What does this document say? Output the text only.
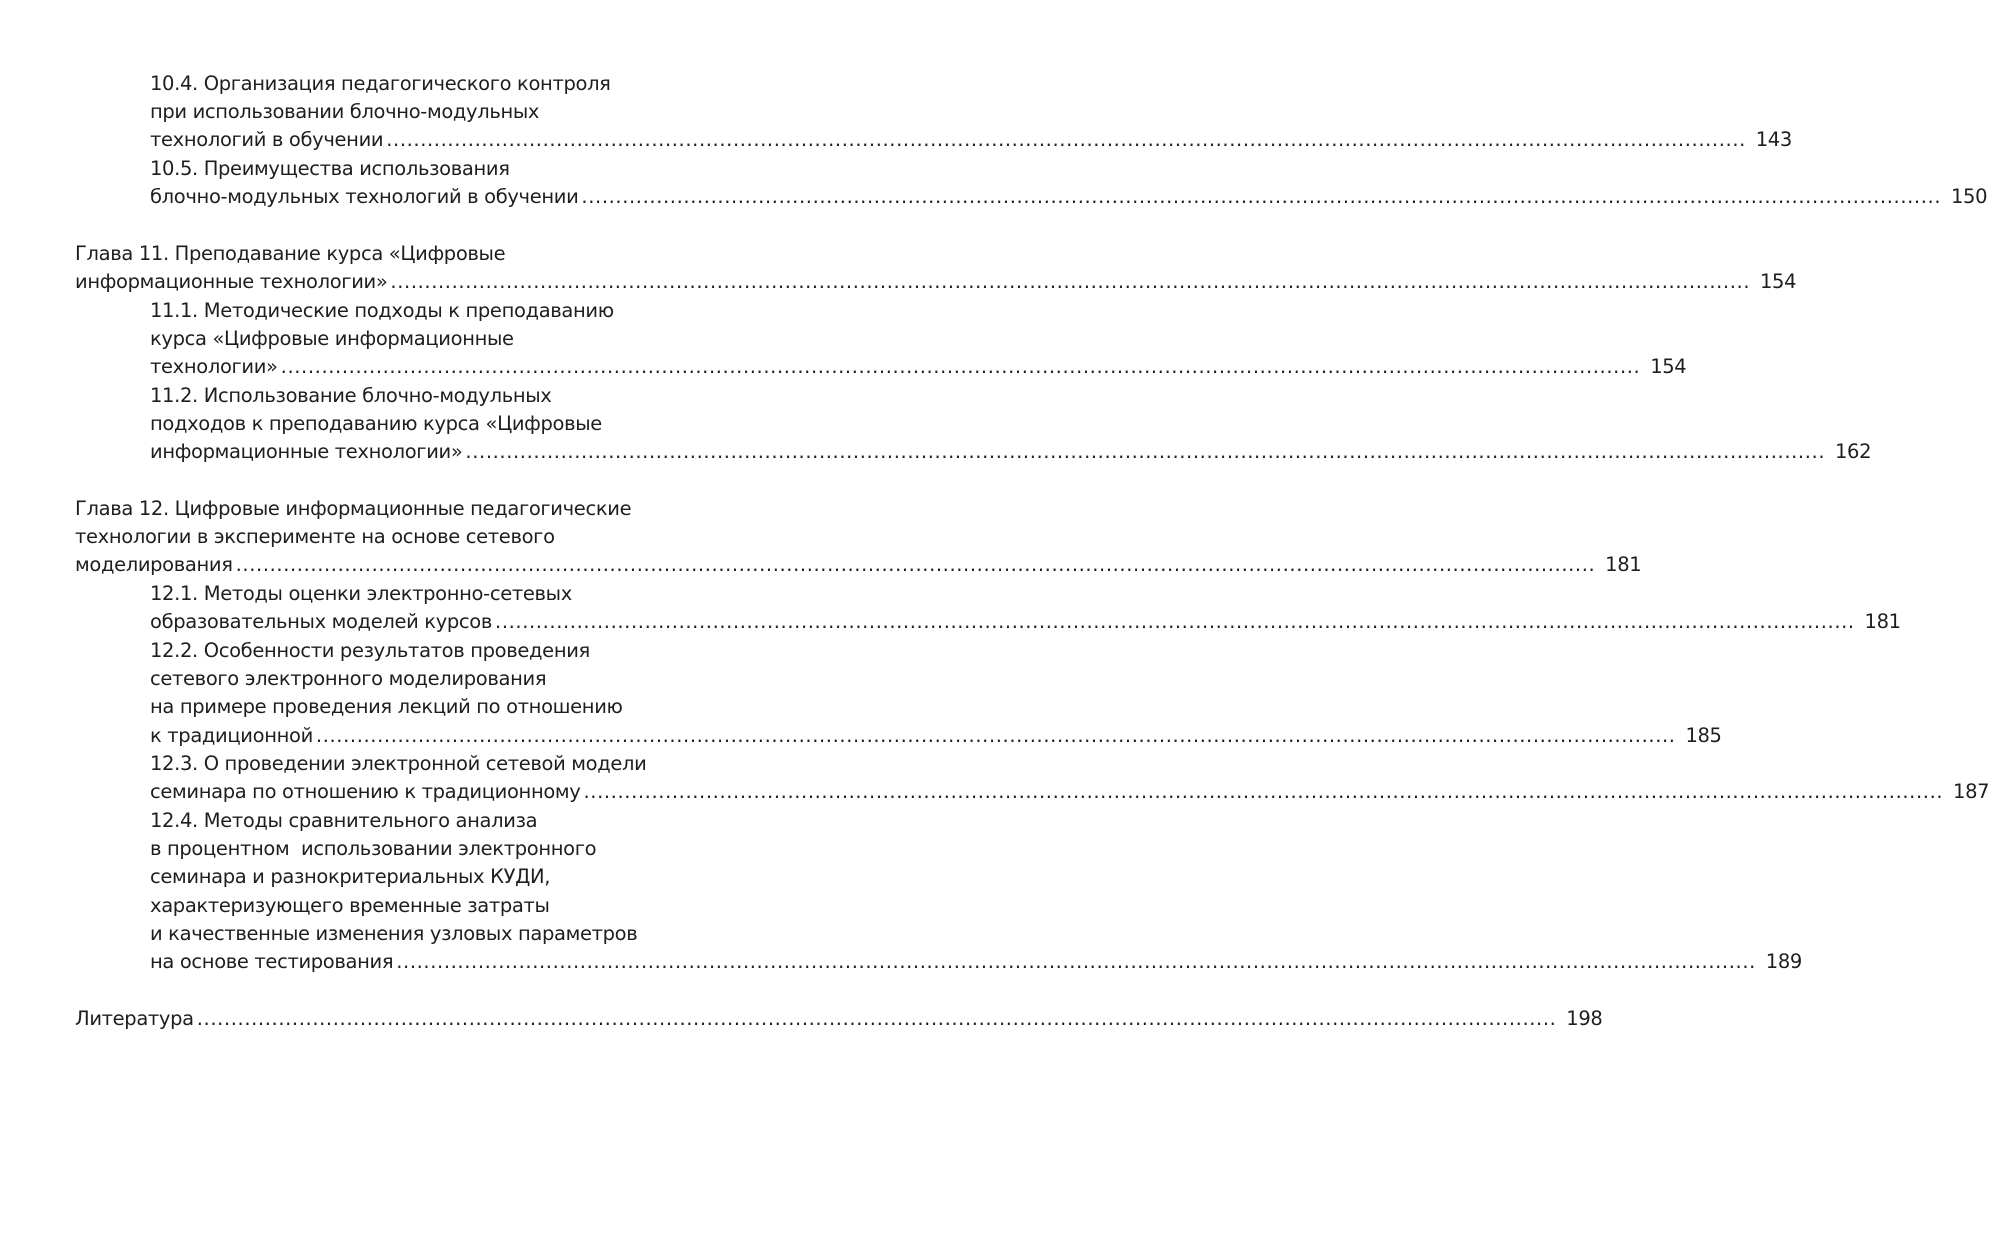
10.4. Организация педагогического контроля
при использовании блочно-модульных
технологий в обучении ........................................................................................................................................................................................................ 143
10.5. Преимущества использования
блочно-модульных технологий в обучении ........................................................................................................................................................................................................ 150
Глава 11. Преподавание курса «Цифровые
информационные технологии» ........................................................................................................................................................................................................ 154
11.1. Методические подходы к преподаванию
курса «Цифровые информационные
технологии» ........................................................................................................................................................................................................ 154
11.2. Использование блочно-модульных
подходов к преподаванию курса «Цифровые
информационные технологии» ........................................................................................................................................................................................................ 162
Глава 12. Цифровые информационные педагогические
технологии в эксперименте на основе сетевого
моделирования ........................................................................................................................................................................................................ 181
12.1. Методы оценки электронно-сетевых
образовательных моделей курсов ........................................................................................................................................................................................................ 181
12.2. Особенности результатов проведения
сетевого электронного моделирования
на примере проведения лекций по отношению
к традиционной ........................................................................................................................................................................................................ 185
12.3. О проведении электронной сетевой модели
семинара по отношению к традиционному ........................................................................................................................................................................................................ 187
12.4. Методы сравнительного анализа
в процентном  использовании электронного
семинара и разнокритериальных КУДИ,
характеризующего временные затраты
и качественные изменения узловых параметров
на основе тестирования ........................................................................................................................................................................................................ 189
Литература ........................................................................................................................................................................................................ 198
